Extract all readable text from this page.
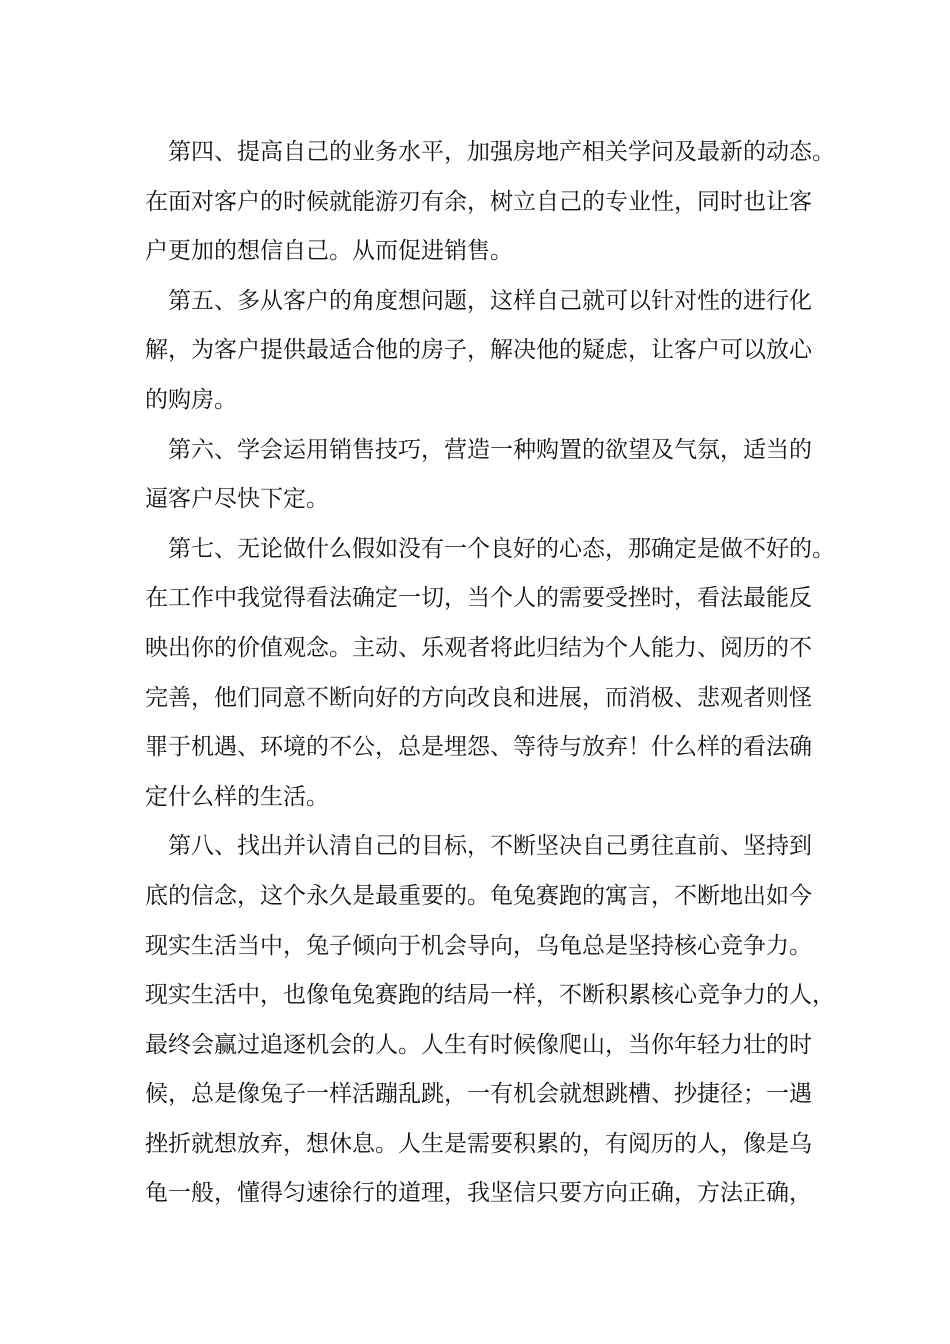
第四、提高自己的业务水平，加强房地产相关学问及最新的动态。
在面对客户的时候就能游刃有余，树立自己的专业性，同时也让客
户更加的想信自己。从而促进销售。
第五、多从客户的角度想问题，这样自己就可以针对性的进行化
解，为客户提供最适合他的房子，解决他的疑虑，让客户可以放心
的购房。
第六、学会运用销售技巧，营造一种购置的欲望及气氛，适当的
逼客户尽快下定。
第七、无论做什么假如没有一个良好的心态，那确定是做不好的。
在工作中我觉得看法确定一切，当个人的需要受挫时，看法最能反
映出你的价值观念。主动、乐观者将此归结为个人能力、阅历的不
完善，他们同意不断向好的方向改良和进展，而消极、悲观者则怪
罪于机遇、环境的不公，总是埋怨、等待与放弃！什么样的看法确
定什么样的生活。
第八、找出并认清自己的目标，不断坚决自己勇往直前、坚持到
底的信念，这个永久是最重要的。龟兔赛跑的寓言，不断地出如今
现实生活当中，兔子倾向于机会导向，乌龟总是坚持核心竞争力。
现实生活中，也像龟兔赛跑的结局一样，不断积累核心竞争力的人，
最终会赢过追逐机会的人。人生有时候像爬山，当你年轻力壮的时
候，总是像兔子一样活蹦乱跳，一有机会就想跳槽、抄捷径；一遇
挫折就想放弃，想休息。人生是需要积累的，有阅历的人，像是乌
龟一般，懂得匀速徐行的道理，我坚信只要方向正确，方法正确，
